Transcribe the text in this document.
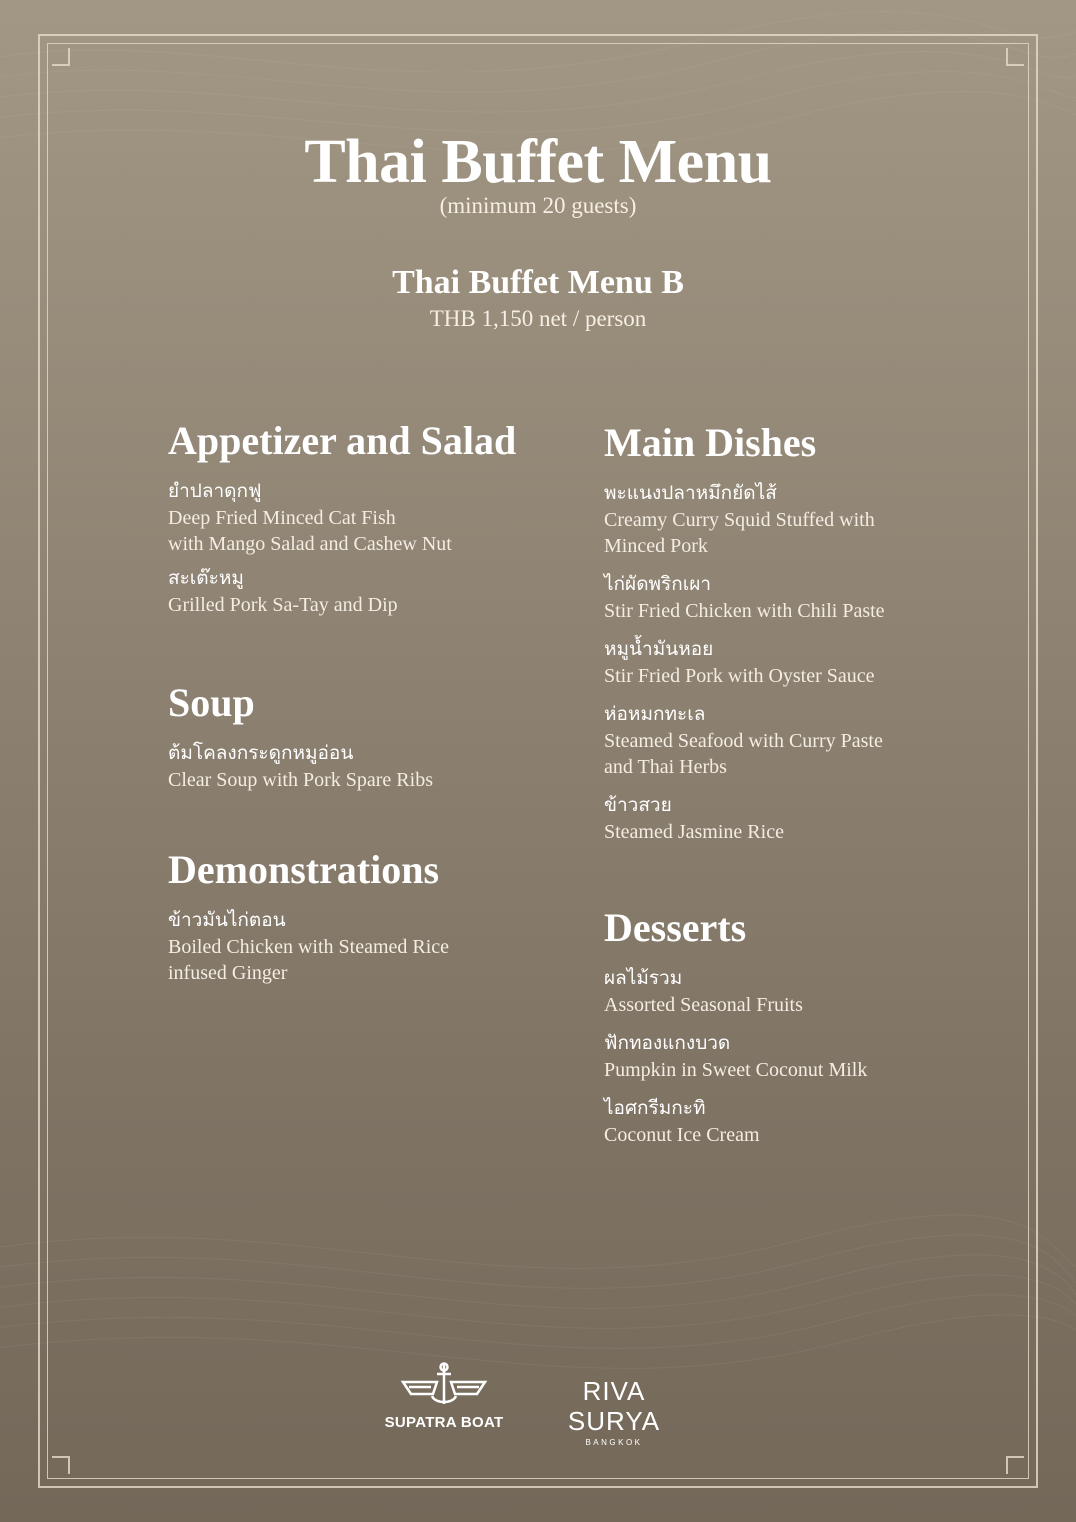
Thai Buffet Menu
(minimum 20 guests)
Thai Buffet Menu B
THB 1,150 net / person
Appetizer and Salad
ยำปลาดุกฟู
Deep Fried Minced Cat Fish
with Mango Salad and Cashew Nut
สะเต๊ะหมู
Grilled Pork Sa-Tay and Dip
Soup
ต้มโคลงกระดูกหมูอ่อน
Clear Soup with Pork Spare Ribs
Demonstrations
ข้าวมันไก่ตอน
Boiled Chicken with Steamed Rice
infused Ginger
Main Dishes
พะแนงปลาหมึกยัดไส้
Creamy Curry Squid Stuffed with
Minced Pork
ไก่ผัดพริกเผา
Stir Fried Chicken with Chili Paste
หมูน้ำมันหอย
Stir Fried Pork with Oyster Sauce
ห่อหมกทะเล
Steamed Seafood with Curry Paste
and Thai Herbs
ข้าวสวย
Steamed Jasmine Rice
Desserts
ผลไม้รวม
Assorted Seasonal Fruits
ฟักทองแกงบวด
Pumpkin in Sweet Coconut Milk
ไอศกรีมกะทิ
Coconut Ice Cream
SUPATRA BOAT
RIVA SURYA
BANGKOK
